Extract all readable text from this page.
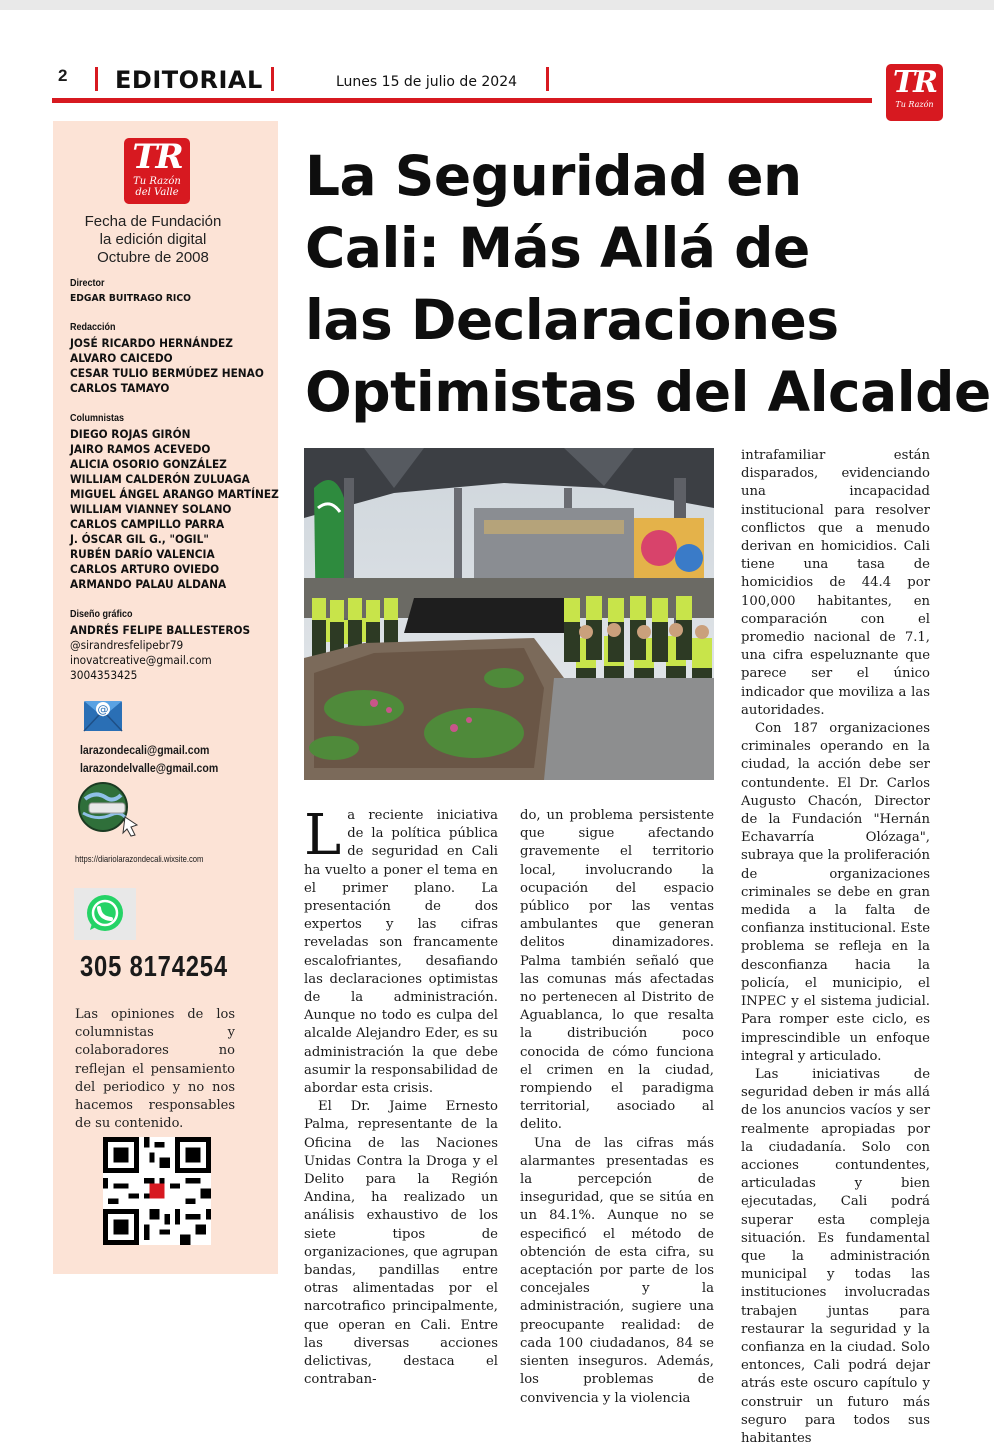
2 EDITORIAL	Lunes 15 de julio de 2024	TR
Tu Razón
TR
Tu Razón
del Valle
Fecha de Fundación
la edición digital
Octubre de 2008
Director
EDGAR BUITRAGO RICO
Redacción
JOSÉ RICARDO HERNÁNDEZ
ALVARO CAICEDO
CESAR TULIO BERMÚDEZ HENAO
CARLOS TAMAYO
Columnistas
DIEGO ROJAS GIRÓN
JAIRO RAMOS ACEVEDO
ALICIA OSORIO GONZÁLEZ
WILLIAM CALDERÓN ZULUAGA
MIGUEL ÁNGEL ARANGO MARTÍNEZ
WILLIAM VIANNEY SOLANO
CARLOS CAMPILLO PARRA
J. ÓSCAR GIL G., "OGIL"
RUBÉN DARÍO VALENCIA
CARLOS ARTURO OVIEDO
ARMANDO PALAU ALDANA
Diseño gráfico
ANDRÉS FELIPE BALLESTEROS
@sirandresfelipebr79
inovatcreative@gmail.com
3004353425
@
larazondecali@gmail.com
larazondelvalle@gmail.com
https://diariolarazondecali.wixsite.com
305 8174254
Las opiniones de los columnistas y colaboradores no reflejan el pensamiento del periodico y no nos hacemos responsables de su contenido.
La Seguridad en
Cali: Más Allá de
las Declaraciones
Optimistas del Alcalde
L a reciente iniciativa de la política pública de seguridad en Cali ha vuelto a poner el tema en el primer plano. La presentación de dos expertos y las cifras reveladas son francamente escalofriantes, desafiando las declaraciones optimistas de la administración. Aunque no todo es culpa del alcalde Alejandro Eder, es su administración la que debe asumir la responsabilidad de abordar esta crisis.

El Dr. Jaime Ernesto Palma, representante de la Oficina de las Naciones Unidas Contra la Droga y el Delito para la Región Andina, ha realizado un análisis exhaustivo de los siete tipos de organizaciones, que agrupan bandas, pandillas entre otras alimentadas por el narcotrafico principalmente, que operan en Cali. Entre las diversas acciones delictivas, destaca el contraban-

do, un problema persistente que sigue afectando gravemente el territorio local, involucrando la ocupación del espacio público por las ventas ambulantes que generan delitos dinamizadores. Palma también señaló que las comunas más afectadas no pertenecen al Distrito de Aguablanca, lo que resalta la distribución poco conocida de cómo funciona el crimen en la ciudad, rompiendo el paradigma territorial, asociado al delito.

Una de las cifras más alarmantes presentadas es la percepción de inseguridad, que se sitúa en un 84.1%. Aunque no se especificó el método de obtención de esta cifra, su aceptación por parte de los concejales y la administración, sugiere una preocupante realidad: de cada 100 ciudadanos, 84 se sienten inseguros. Además, los problemas de convivencia y la violencia

intrafamiliar están disparados, evidenciando una incapacidad institucional para resolver conflictos que a menudo derivan en homicidios. Cali tiene una tasa de homicidios de 44.4 por 100,000 habitantes, en comparación con el promedio nacional de 7.1, una cifra espeluznante que parece ser el único indicador que moviliza a las autoridades.

Con 187 organizaciones criminales operando en la ciudad, la acción debe ser contundente. El Dr. Carlos Augusto Chacón, Director de la Fundación "Hernán Echavarría Olózaga", subraya que la proliferación de organizaciones criminales se debe en gran medida a la falta de confianza institucional. Este problema se refleja en la desconfianza hacia la policía, el municipio, el INPEC y el sistema judicial. Para romper este ciclo, es imprescindible un enfoque integral y articulado.

Las iniciativas de seguridad deben ir más allá de los anuncios vacíos y ser realmente apropiadas por la ciudadanía. Solo con acciones contundentes, articuladas y bien ejecutadas, Cali podrá superar esta compleja situación. Es fundamental que la administración municipal y todas las instituciones involucradas trabajen juntas para restaurar la seguridad y la confianza en la ciudad. Solo entonces, Cali podrá dejar atrás este oscuro capítulo y construir un futuro más seguro para todos sus habitantes
